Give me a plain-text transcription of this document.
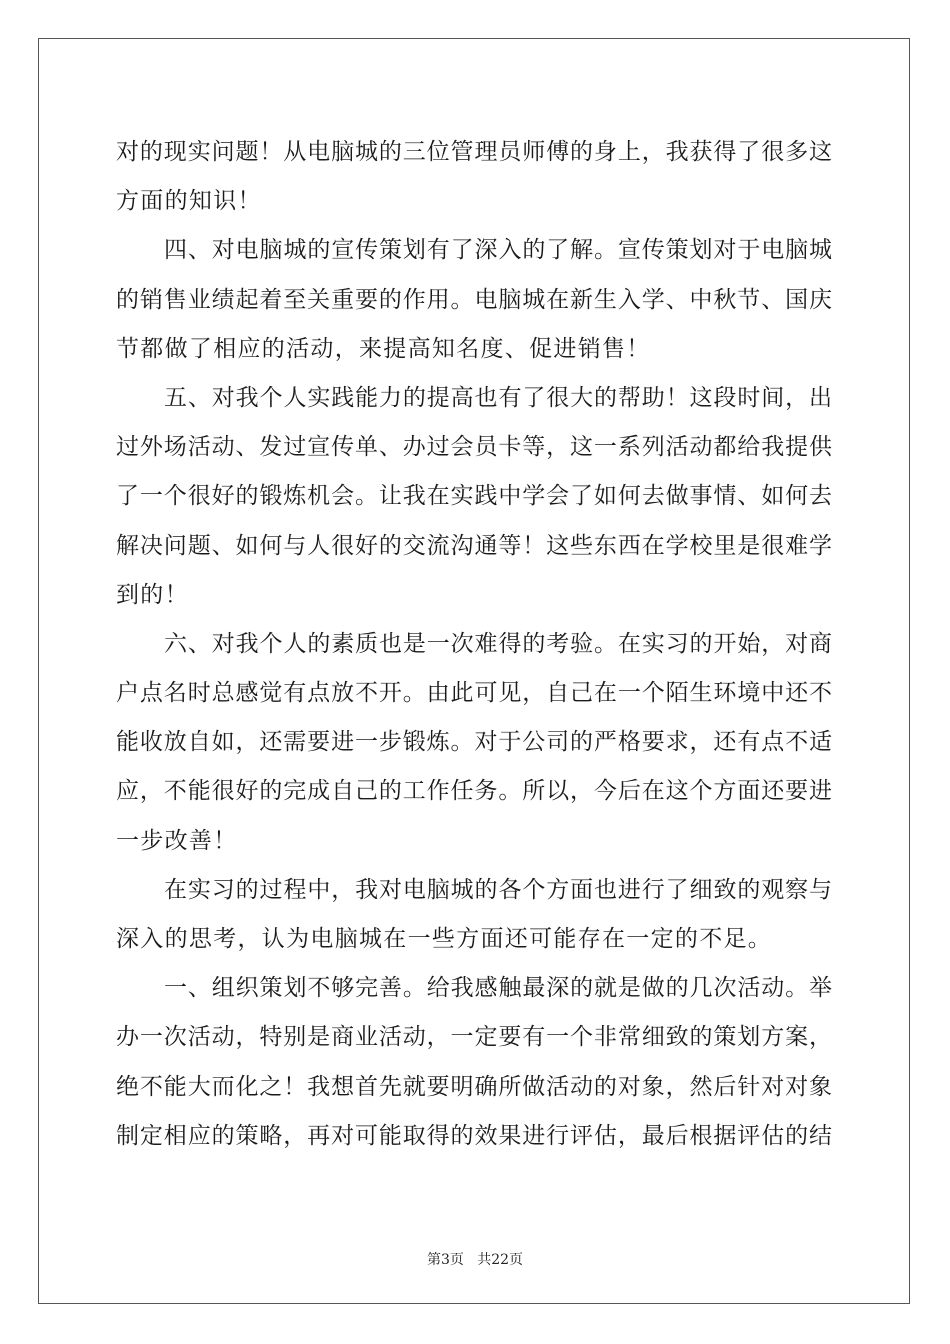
对的现实问题！从电脑城的三位管理员师傅的身上，我获得了很多这
方面的知识！
四、对电脑城的宣传策划有了深入的了解。宣传策划对于电脑城
的销售业绩起着至关重要的作用。电脑城在新生入学、中秋节、国庆
节都做了相应的活动，来提高知名度、促进销售！
五、对我个人实践能力的提高也有了很大的帮助！这段时间，出
过外场活动、发过宣传单、办过会员卡等，这一系列活动都给我提供
了一个很好的锻炼机会。让我在实践中学会了如何去做事情、如何去
解决问题、如何与人很好的交流沟通等！这些东西在学校里是很难学
到的！
六、对我个人的素质也是一次难得的考验。在实习的开始，对商
户点名时总感觉有点放不开。由此可见，自己在一个陌生环境中还不
能收放自如，还需要进一步锻炼。对于公司的严格要求，还有点不适
应，不能很好的完成自己的工作任务。所以，今后在这个方面还要进
一步改善！
在实习的过程中，我对电脑城的各个方面也进行了细致的观察与
深入的思考，认为电脑城在一些方面还可能存在一定的不足。
一、组织策划不够完善。给我感触最深的就是做的几次活动。举
办一次活动，特别是商业活动，一定要有一个非常细致的策划方案，
绝不能大而化之！我想首先就要明确所做活动的对象，然后针对对象
制定相应的策略，再对可能取得的效果进行评估，最后根据评估的结
第3页   共22页
